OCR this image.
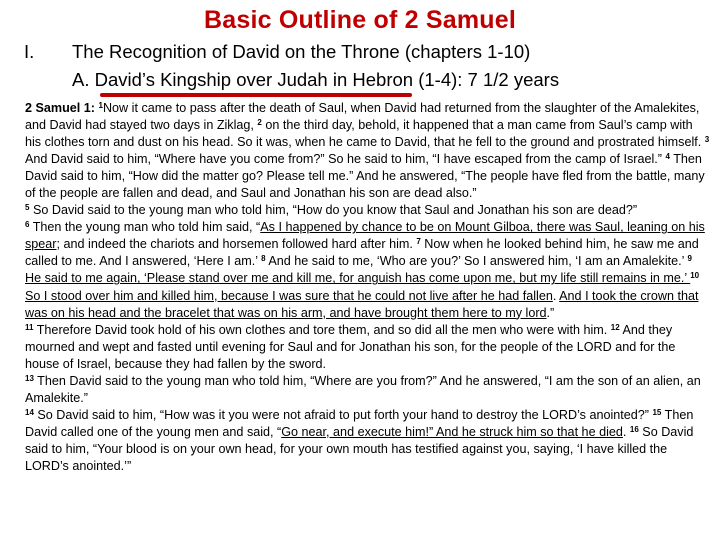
Basic Outline of 2 Samuel
I. The Recognition of David on the Throne (chapters 1-10)
A. David’s Kingship over Judah in Hebron (1-4): 7 1/2 years
2 Samuel 1: $^1$Now it came to pass after the death of Saul, when David had returned from the slaughter of the Amalekites, and David had stayed two days in Ziklag, $^2$ on the third day, behold, it happened that a man came from Saul’s camp with his clothes torn and dust on his head. So it was, when he came to David, that he fell to the ground and prostrated himself. $^3$ And David said to him, “Where have you come from?” So he said to him, “I have escaped from the camp of Israel.” $^4$ Then David said to him, “How did the matter go? Please tell me.” And he answered, “The people have fled from the battle, many of the people are fallen and dead, and Saul and Jonathan his son are dead also.”
$^5$ So David said to the young man who told him, “How do you know that Saul and Jonathan his son are dead?”
$^6$ Then the young man who told him said, “As I happened by chance to be on Mount Gilboa, there was Saul, leaning on his spear; and indeed the chariots and horsemen followed hard after him. $^7$ Now when he looked behind him, he saw me and called to me. And I answered, ‘Here I am.’ $^8$ And he said to me, ‘Who are you?’ So I answered him, ‘I am an Amalekite.’ $^9$ He said to me again, ‘Please stand over me and kill me, for anguish has come upon me, but my life still remains in me.’ $^{10}$ So I stood over him and killed him, because I was sure that he could not live after he had fallen. And I took the crown that was on his head and the bracelet that was on his arm, and have brought them here to my lord.”
$^{11}$ Therefore David took hold of his own clothes and tore them, and so did all the men who were with him. $^{12}$ And they mourned and wept and fasted until evening for Saul and for Jonathan his son, for the people of the LORD and for the house of Israel, because they had fallen by the sword.
$^{13}$ Then David said to the young man who told him, “Where are you from?” And he answered, “I am the son of an alien, an Amalekite.”
$^{14}$ So David said to him, “How was it you were not afraid to put forth your hand to destroy the LORD’s anointed?” $^{15}$ Then David called one of the young men and said, “Go near, and execute him!” And he struck him so that he died. $^{16}$ So David said to him, “Your blood is on your own head, for your own mouth has testified against you, saying, ‘I have killed the LORD’s anointed.’”
